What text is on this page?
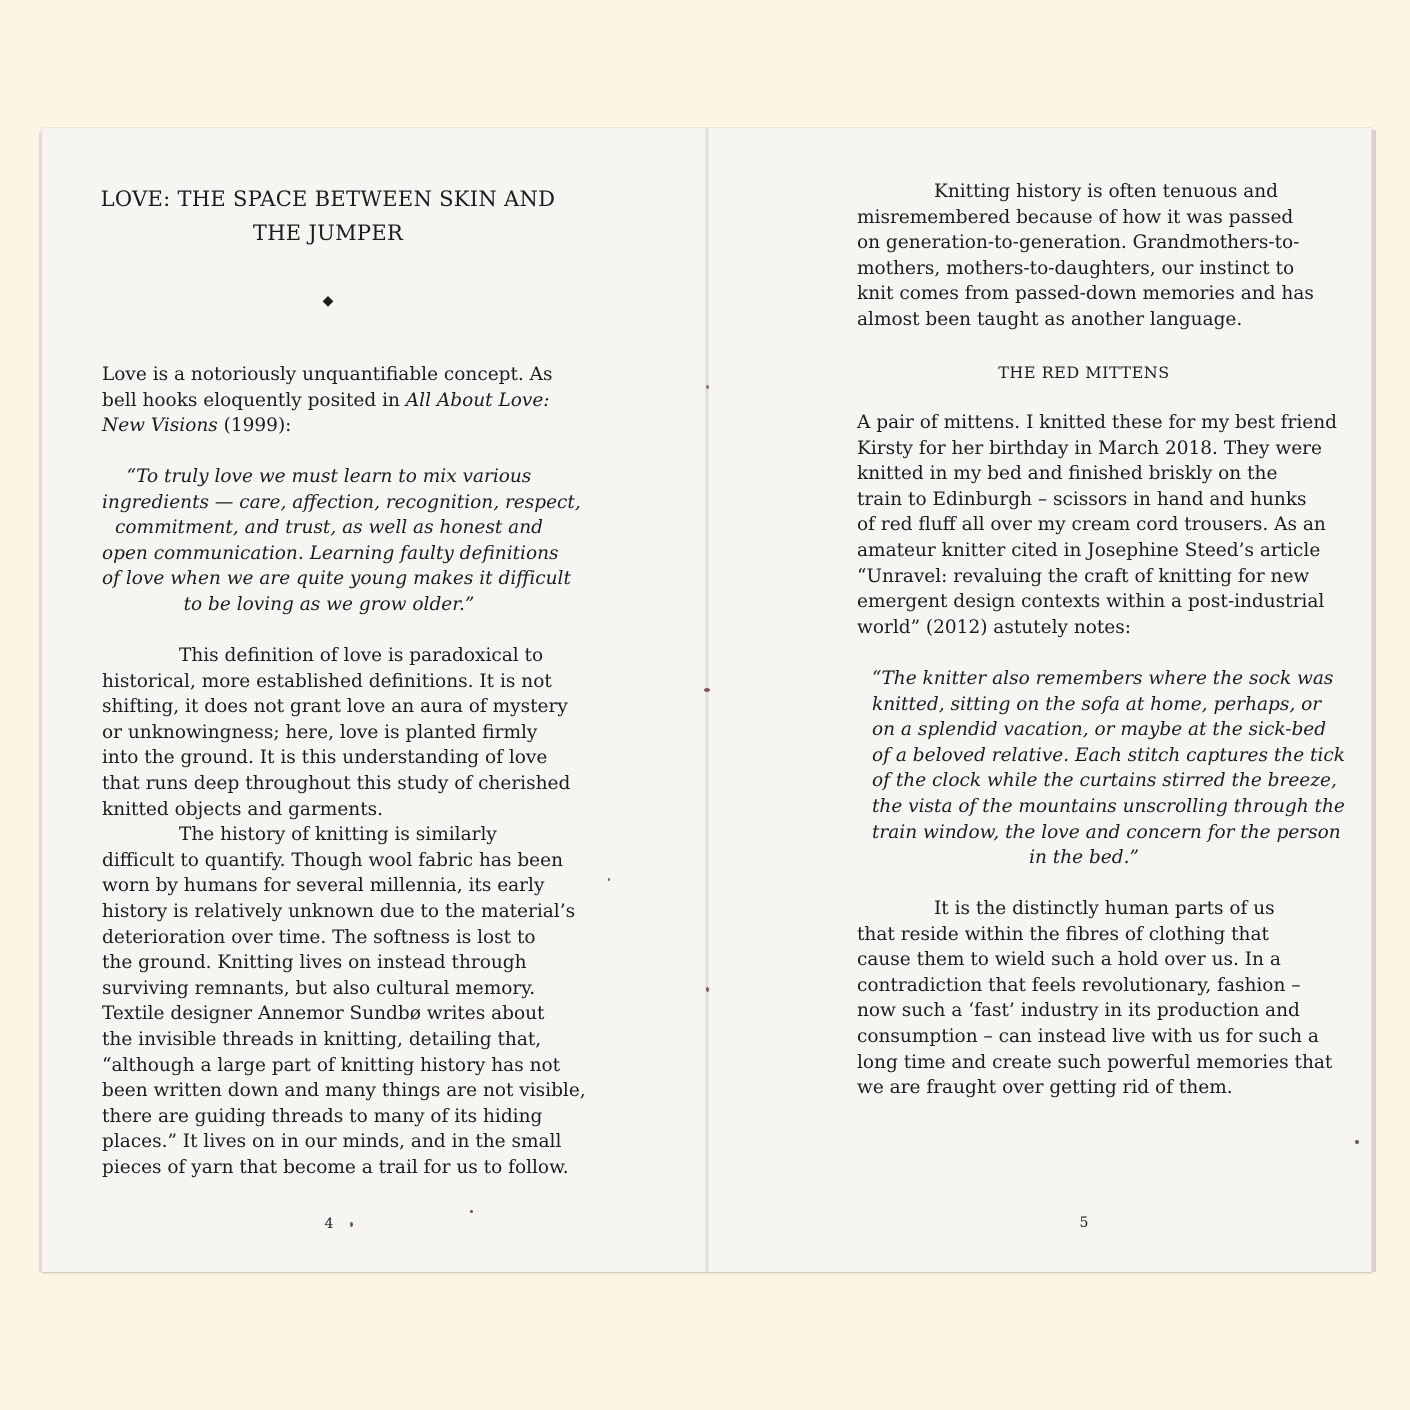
LOVE: THE SPACE BETWEEN SKIN AND
THE JUMPER
◆

Love is a notoriously unquantifiable concept. As
bell hooks eloquently posited in All About Love:
New Visions (1999):

“To truly love we must learn to mix various
ingredients — care, affection, recognition, respect,
commitment, and trust, as well as honest and
open communication. Learning faulty definitions
of love when we are quite young makes it difficult
to be loving as we grow older.”

This definition of love is paradoxical to
historical, more established definitions. It is not
shifting, it does not grant love an aura of mystery
or unknowingness; here, love is planted firmly
into the ground. It is this understanding of love
that runs deep throughout this study of cherished
knitted objects and garments.
The history of knitting is similarly
difficult to quantify. Though wool fabric has been
worn by humans for several millennia, its early
history is relatively unknown due to the material’s
deterioration over time. The softness is lost to
the ground. Knitting lives on instead through
surviving remnants, but also cultural memory.
Textile designer Annemor Sundbø writes about
the invisible threads in knitting, detailing that,
“although a large part of knitting history has not
been written down and many things are not visible,
there are guiding threads to many of its hiding
places.” It lives on in our minds, and in the small
pieces of yarn that become a trail for us to follow.

4

Knitting history is often tenuous and
misremembered because of how it was passed
on generation-to-generation. Grandmothers-to-
mothers, mothers-to-daughters, our instinct to
knit comes from passed-down memories and has
almost been taught as another language.

THE RED MITTENS

A pair of mittens. I knitted these for my best friend
Kirsty for her birthday in March 2018. They were
knitted in my bed and finished briskly on the
train to Edinburgh – scissors in hand and hunks
of red fluff all over my cream cord trousers. As an
amateur knitter cited in Josephine Steed’s article
“Unravel: revaluing the craft of knitting for new
emergent design contexts within a post-industrial
world” (2012) astutely notes:

“The knitter also remembers where the sock was
knitted, sitting on the sofa at home, perhaps, or
on a splendid vacation, or maybe at the sick-bed
of a beloved relative. Each stitch captures the tick
of the clock while the curtains stirred the breeze,
the vista of the mountains unscrolling through the
train window, the love and concern for the person
in the bed.”

It is the distinctly human parts of us
that reside within the fibres of clothing that
cause them to wield such a hold over us. In a
contradiction that feels revolutionary, fashion –
now such a ‘fast’ industry in its production and
consumption – can instead live with us for such a
long time and create such powerful memories that
we are fraught over getting rid of them.

5
